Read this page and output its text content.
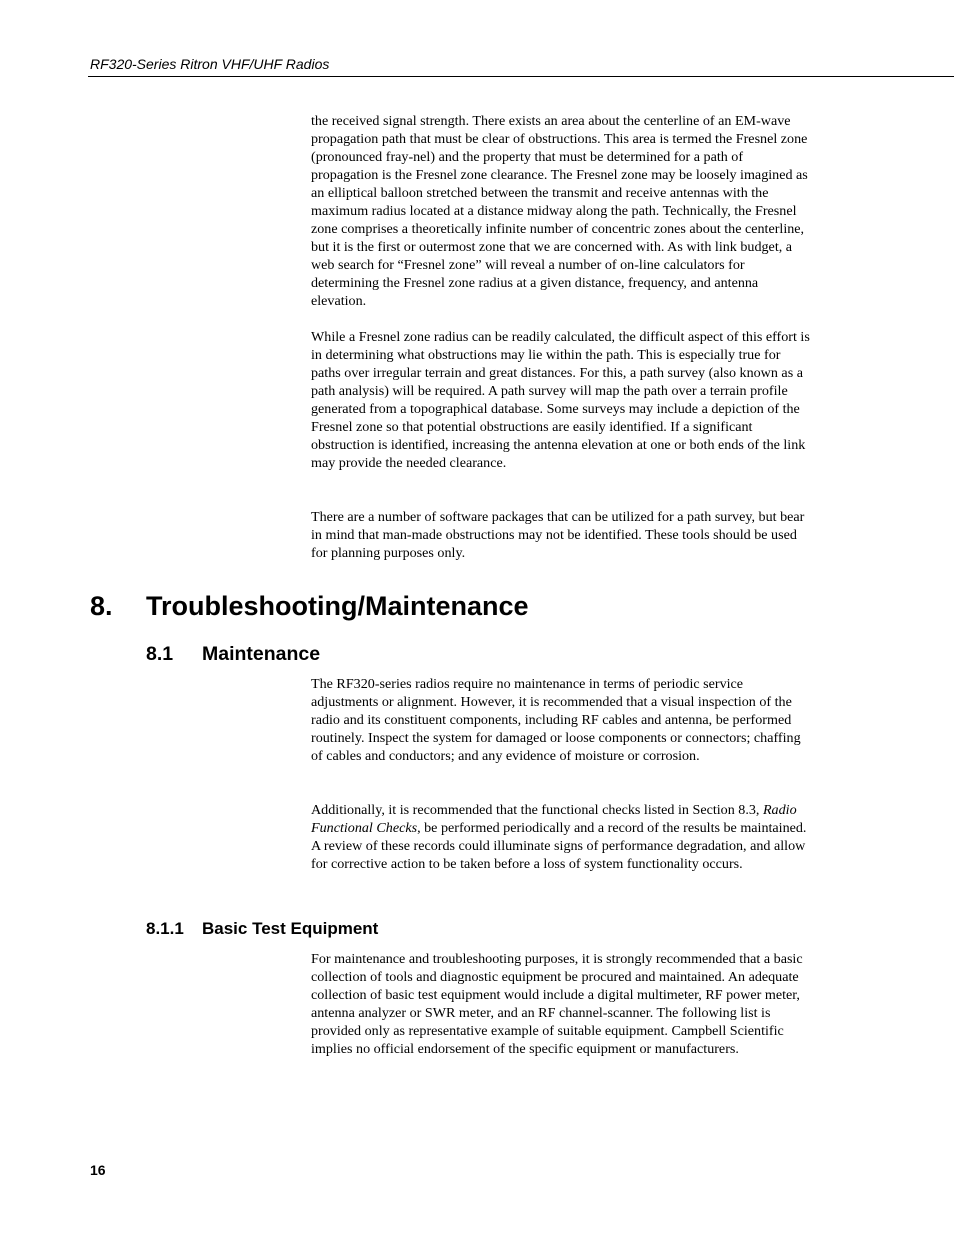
RF320-Series Ritron VHF/UHF Radios

the received signal strength. There exists an area about the centerline of an EM-wave propagation path that must be clear of obstructions. This area is termed the Fresnel zone (pronounced fray-nel) and the property that must be determined for a path of propagation is the Fresnel zone clearance. The Fresnel zone may be loosely imagined as an elliptical balloon stretched between the transmit and receive antennas with the maximum radius located at a distance midway along the path. Technically, the Fresnel zone comprises a theoretically infinite number of concentric zones about the centerline, but it is the first or outermost zone that we are concerned with. As with link budget, a web search for “Fresnel zone” will reveal a number of on-line calculators for determining the Fresnel zone radius at a given distance, frequency, and antenna elevation.

While a Fresnel zone radius can be readily calculated, the difficult aspect of this effort is in determining what obstructions may lie within the path. This is especially true for paths over irregular terrain and great distances. For this, a path survey (also known as a path analysis) will be required. A path survey will map the path over a terrain profile generated from a topographical database. Some surveys may include a depiction of the Fresnel zone so that potential obstructions are easily identified. If a significant obstruction is identified, increasing the antenna elevation at one or both ends of the link may provide the needed clearance.

There are a number of software packages that can be utilized for a path survey, but bear in mind that man-made obstructions may not be identified. These tools should be used for planning purposes only.

8. Troubleshooting/Maintenance
8.1 Maintenance

The RF320-series radios require no maintenance in terms of periodic service adjustments or alignment. However, it is recommended that a visual inspection of the radio and its constituent components, including RF cables and antenna, be performed routinely. Inspect the system for damaged or loose components or connectors; chaffing of cables and conductors; and any evidence of moisture or corrosion.

Additionally, it is recommended that the functional checks listed in Section 8.3, Radio Functional Checks, be performed periodically and a record of the results be maintained. A review of these records could illuminate signs of performance degradation, and allow for corrective action to be taken before a loss of system functionality occurs.

8.1.1 Basic Test Equipment

For maintenance and troubleshooting purposes, it is strongly recommended that a basic collection of tools and diagnostic equipment be procured and maintained. An adequate collection of basic test equipment would include a digital multimeter, RF power meter, antenna analyzer or SWR meter, and an RF channel-scanner. The following list is provided only as representative example of suitable equipment. Campbell Scientific implies no official endorsement of the specific equipment or manufacturers.

16
